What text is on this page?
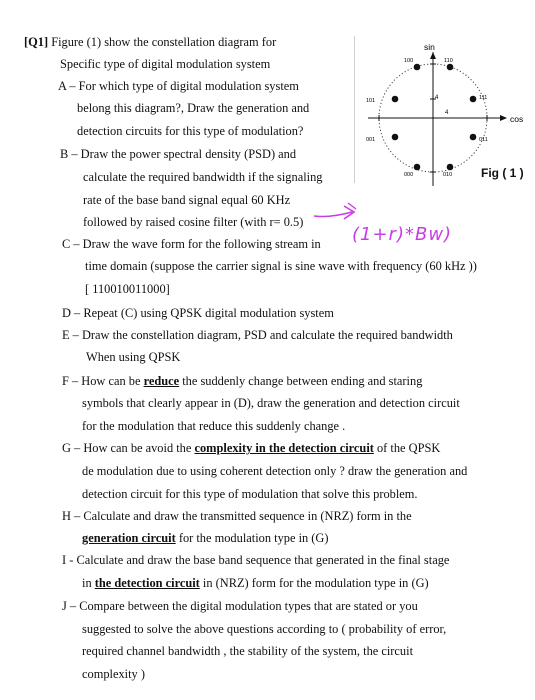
[Q1] Figure (1) show the constellation diagram for
Specific type of digital modulation system
A – For which type of digital modulation system
belong this diagram?, Draw the generation and
detection circuits for this type of modulation?
B – Draw the power spectral density (PSD) and
calculate the required bandwidth if the signaling
rate of the base band signal equal 60 KHz
followed by raised cosine filter (with r= 0.5)
C – Draw the wave form for the following stream in
time domain (suppose the carrier signal is sine wave with frequency (60 kHz ))
[ 110010011000]
D – Repeat (C) using QPSK digital modulation system
E – Draw the constellation diagram, PSD and calculate the required bandwidth
When using QPSK
F – How can be reduce the suddenly change between ending and staring
symbols that clearly appear in (D), draw the generation and detection circuit
for the modulation that reduce this suddenly change .
G – How can be avoid the complexity in the detection circuit of the QPSK
de modulation due to using coherent detection only ? draw the generation and
detection circuit for this type of modulation that solve this problem.
H – Calculate and draw the transmitted sequence in (NRZ) form in the
generation circuit for the modulation type in (G)
I - Calculate and draw the base band sequence that generated in the final stage
in the detection circuit in (NRZ) form for the modulation type in (G)
J – Compare between the digital modulation types that are stated or you
suggested to solve the above questions according to ( probability of error,
required channel bandwidth , the stability of the system, the circuit
complexity )
(1+r)*Bw)
sin
cos
100	110
101	111
001	011
000	010
4
4
Fig ( 1 )
